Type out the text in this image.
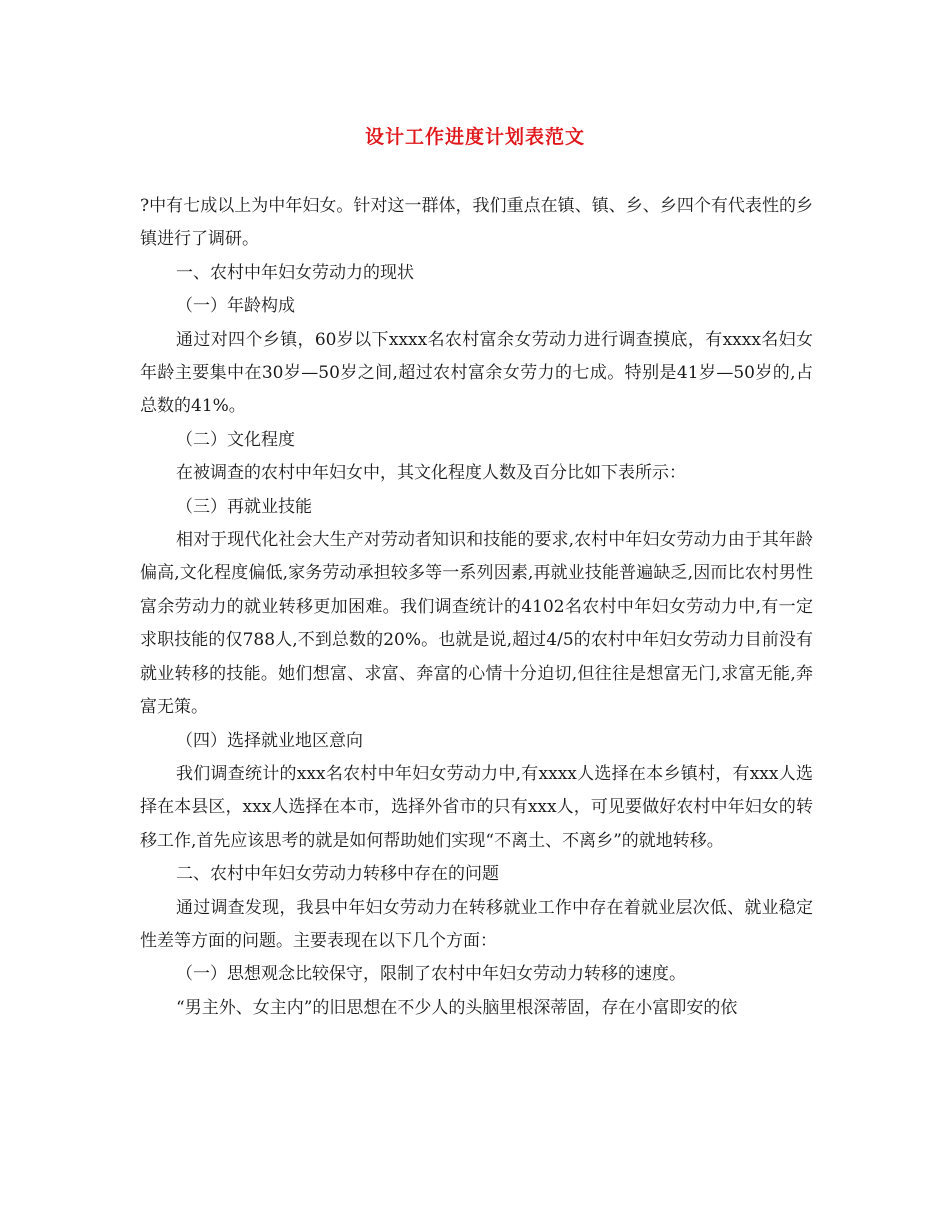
设计工作进度计划表范文

?中有七成以上为中年妇女。针对这一群体，我们重点在镇、镇、乡、乡四个有代表性的乡镇进行了调研。

一、农村中年妇女劳动力的现状

（一）年龄构成

通过对四个乡镇，60岁以下xxxx名农村富余女劳动力进行调查摸底，有xxxx名妇女年龄主要集中在30岁—50岁之间,超过农村富余女劳力的七成。特别是41岁—50岁的,占总数的41%。

（二）文化程度

在被调查的农村中年妇女中，其文化程度人数及百分比如下表所示：

（三）再就业技能

相对于现代化社会大生产对劳动者知识和技能的要求,农村中年妇女劳动力由于其年龄偏高,文化程度偏低,家务劳动承担较多等一系列因素,再就业技能普遍缺乏,因而比农村男性富余劳动力的就业转移更加困难。我们调查统计的4102名农村中年妇女劳动力中,有一定求职技能的仅788人,不到总数的20%。也就是说,超过4/5的农村中年妇女劳动力目前没有就业转移的技能。她们想富、求富、奔富的心情十分迫切,但往往是想富无门,求富无能,奔富无策。

（四）选择就业地区意向

我们调查统计的xxx名农村中年妇女劳动力中,有xxxx人选择在本乡镇村，有xxx人选择在本县区，xxx人选择在本市，选择外省市的只有xxx人，可见要做好农村中年妇女的转移工作,首先应该思考的就是如何帮助她们实现“不离土、不离乡”的就地转移。

二、农村中年妇女劳动力转移中存在的问题

通过调查发现，我县中年妇女劳动力在转移就业工作中存在着就业层次低、就业稳定性差等方面的问题。主要表现在以下几个方面：

（一）思想观念比较保守，限制了农村中年妇女劳动力转移的速度。

“男主外、女主内”的旧思想在不少人的头脑里根深蒂固，存在小富即安的依
